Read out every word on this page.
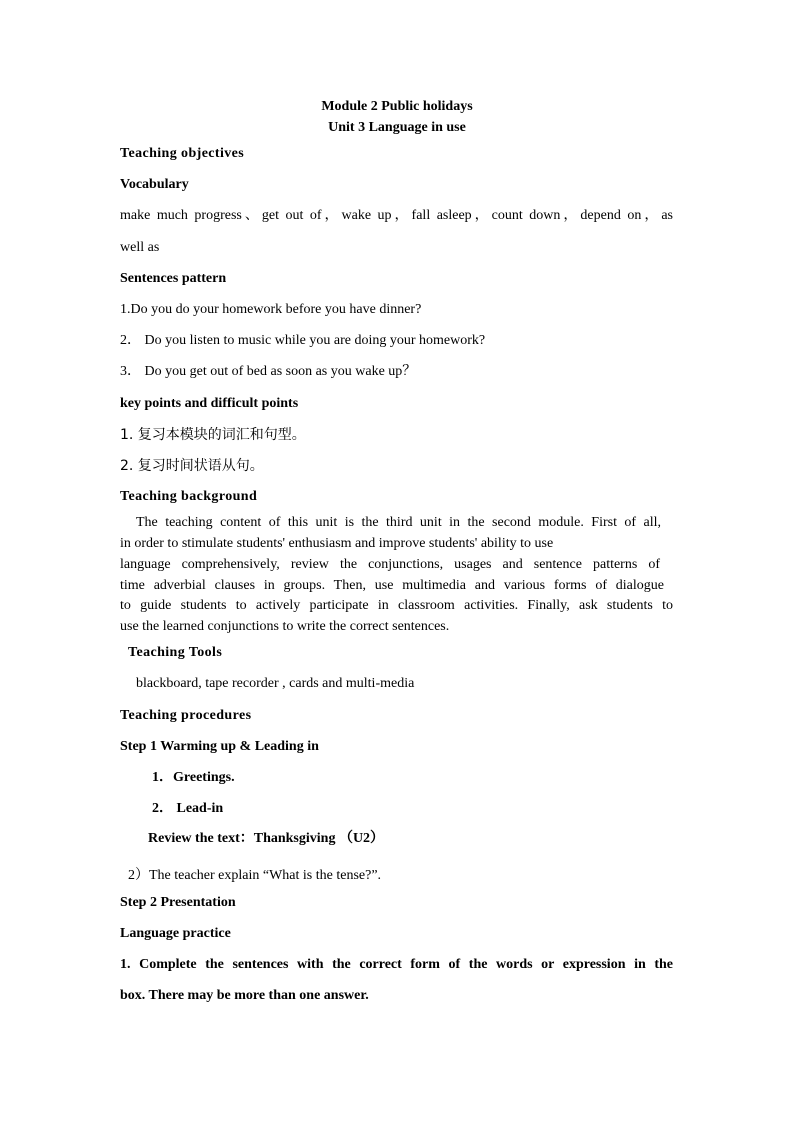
Module 2 Public holidays
Unit 3 Language in use
Teaching objectives
Vocabulary
make much progress、get out of，wake up，fall asleep，count down，depend on，as
well as
Sentences pattern
1.Do you do your homework before you have dinner?
2． Do you listen to music while you are doing your homework?
3． Do you get out of bed as soon as you wake up？
key points and difficult points
1. 复习本模块的词汇和句型。
2. 复习时间状语从句。
Teaching background
The teaching content of this unit is the third unit in the second module. First of all,
in order to stimulate students' enthusiasm and improve students' ability to use
language comprehensively, review the conjunctions, usages and sentence patterns of
time adverbial clauses in groups. Then, use multimedia and various forms of dialogue
to guide students to actively participate in classroom activities. Finally, ask students to
use the learned conjunctions to write the correct sentences.
Teaching Tools
blackboard, tape recorder , cards and multi-media
Teaching procedures
Step 1 Warming up & Leading in
1．Greetings.
2． Lead-in
Review the text：Thanksgiving （U2）
2）The teacher explain “What is the tense?”.
Step 2 Presentation
Language practice
1. Complete the sentences with the correct form of the words or expression in the
box. There may be more than one answer.
